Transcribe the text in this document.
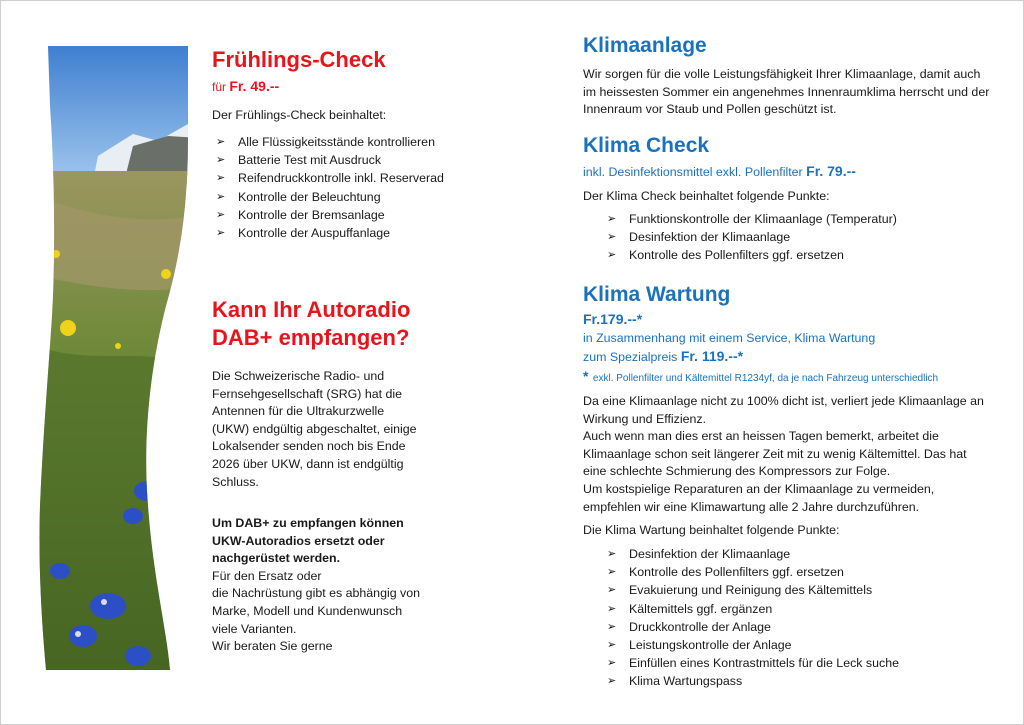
Frühlings-Check
für Fr. 49.--

Der Frühlings-Check beinhaltet:

➢ Alle Flüssigkeitsstände kontrollieren
➢ Batterie Test mit Ausdruck
➢ Reifendruckkontrolle inkl. Reserverad
➢ Kontrolle der Beleuchtung
➢ Kontrolle der Bremsanlage
➢ Kontrolle der Auspuffanlage
Kann Ihr Autoradio
DAB+ empfangen?

Die Schweizerische Radio- und

Fernsehgesellschaft (SRG) hat die

Antennen für die Ultrakurzwelle

(UKW) endgültig abgeschaltet, einige

Lokalsender senden noch bis Ende

2026 über UKW, dann ist endgültig

Schluss.

Um DAB+ zu empfangen können

UKW-Autoradios ersetzt oder

nachgerüstet werden.

Für den Ersatz oder

die Nachrüstung gibt es abhängig von

Marke, Modell und Kundenwunsch

viele Varianten.

Wir beraten Sie gerne

Klimaanlage

Wir sorgen für die volle Leistungsfähigkeit Ihrer Klimaanlage, damit auch

im heissesten Sommer ein angenehmes Innenraumklima herrscht und der

Innenraum vor Staub und Pollen geschützt ist.

Klima Check

inkl. Desinfektionsmittel exkl. Pollenfilter Fr. 79.--

Der Klima Check beinhaltet folgende Punkte:

➢ Funktionskontrolle der Klimaanlage (Temperatur)
➢ Desinfektion der Klimaanlage
➢ Kontrolle des Pollenfilters ggf. ersetzen
Klima Wartung

Fr.179.--*

in Zusammenhang mit einem Service, Klima Wartung

zum Spezialpreis Fr. 119.--*

* exkl. Pollenfilter und Kältemittel R1234yf, da je nach Fahrzeug unterschiedlich

Da eine Klimaanlage nicht zu 100% dicht ist, verliert jede Klimaanlage an

Wirkung und Effizienz.

Auch wenn man dies erst an heissen Tagen bemerkt, arbeitet die

Klimaanlage schon seit längerer Zeit mit zu wenig Kältemittel. Das hat

eine schlechte Schmierung des Kompressors zur Folge.

Um kostspielige Reparaturen an der Klimaanlage zu vermeiden,

empfehlen wir eine Klimawartung alle 2 Jahre durchzuführen.

Die Klima Wartung beinhaltet folgende Punkte:

➢ Desinfektion der Klimaanlage
➢ Kontrolle des Pollenfilters ggf. ersetzen
➢ Evakuierung und Reinigung des Kältemittels
➢ Kältemittels ggf. ergänzen
➢ Druckkontrolle der Anlage
➢ Leistungskontrolle der Anlage
➢ Einfüllen eines Kontrastmittels für die Leck suche
➢ Klima Wartungspass
